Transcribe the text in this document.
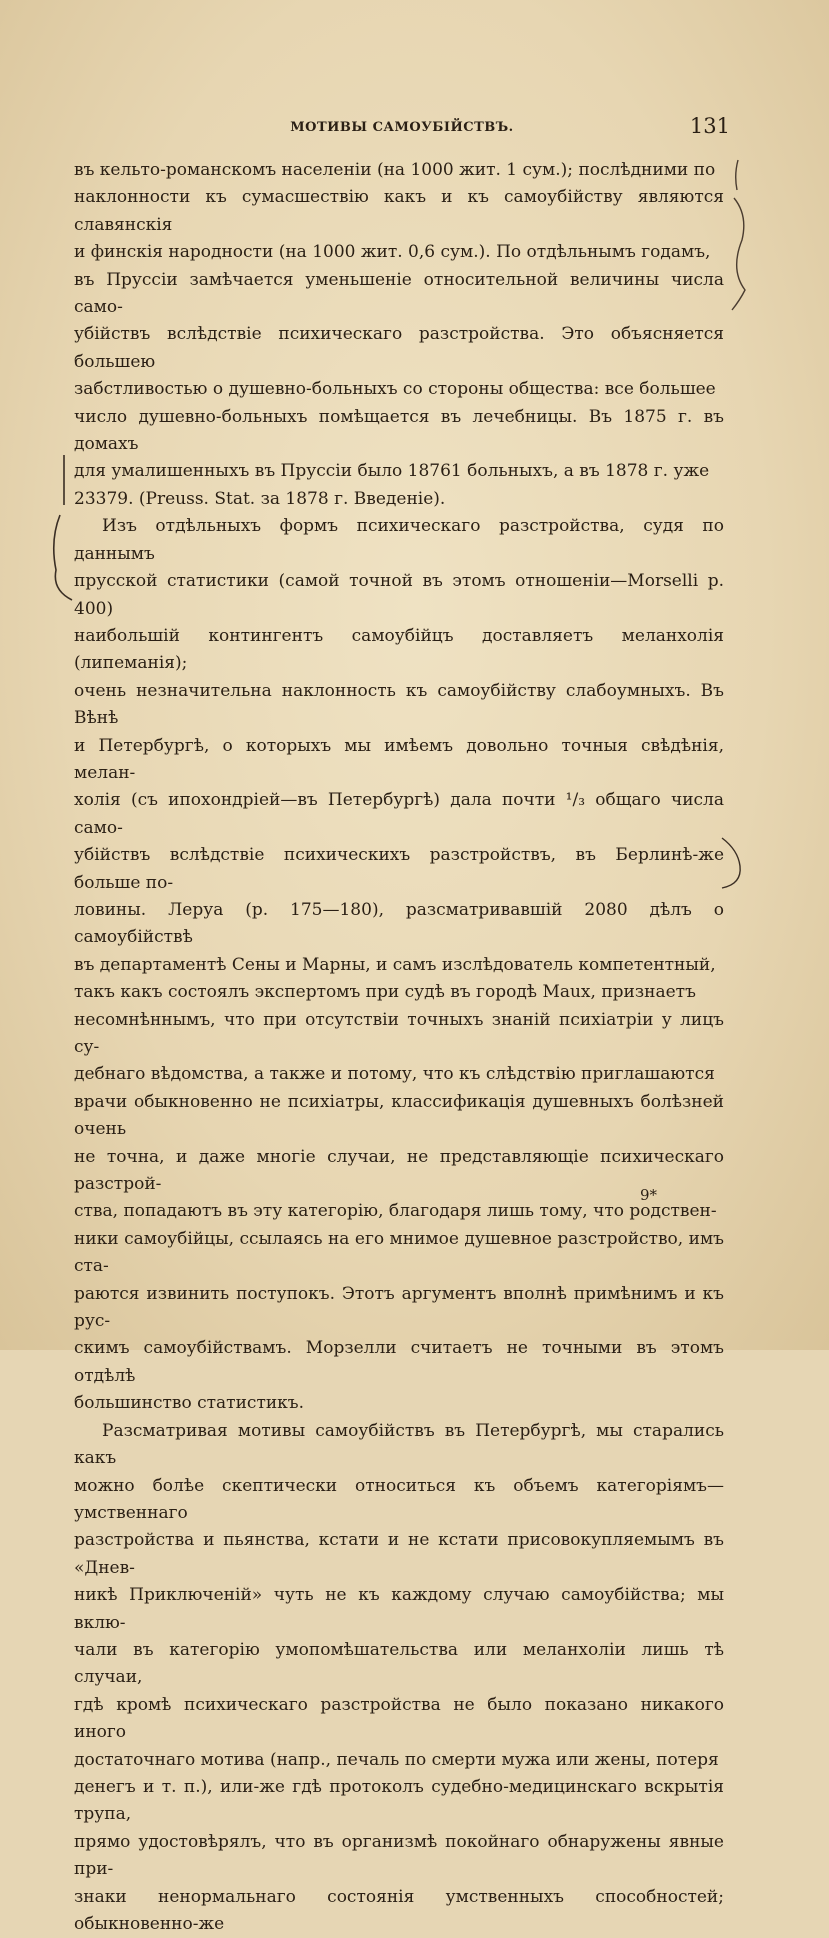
МОТИВЫ САМОУБІЙСТВЪ.	131
въ кельто-романскомъ населеніи (на 1000 жит. 1 сум.); послѣдними по
наклонности къ сумасшествію какъ и къ самоубійству являются славянскія
и финскія народности (на 1000 жит. 0,6 сум.). По отдѣльнымъ годамъ,
въ Пруссіи замѣчается уменьшеніе относительной величины числа само-
убійствъ вслѣдствіе психическаго разстройства. Это объясняется большею
забстливостью о душевно-больныхъ со стороны общества: все большее
число душевно-больныхъ помѣщается въ лечебницы. Въ 1875 г. въ домахъ
для умалишенныхъ въ Пруссіи было 18761 больныхъ, а въ 1878 г. уже
23379. (Preuss. Stat. за 1878 г. Введеніе).
Изъ отдѣльныхъ формъ психическаго разстройства, судя по даннымъ
прусской статистики (самой точной въ этомъ отношеніи—Morselli p. 400)
наибольшій контингентъ самоубійцъ доставляетъ меланхолія (липеманія);
очень незначительна наклонность къ самоубійству слабоумныхъ. Въ Вѣнѣ
и Петербургѣ, о которыхъ мы имѣемъ довольно точныя свѣдѣнія, мелан-
холія (съ ипохондріей—въ Петербургѣ) дала почти ¹/₃ общаго числа само-
убійствъ вслѣдствіе психическихъ разстройствъ, въ Берлинѣ-же больше по-
ловины. Леруа (p. 175—180), разсматривавшій 2080 дѣлъ о самоубійствѣ
въ департаментѣ Сены и Марны, и самъ изслѣдователь компетентный,
такъ какъ состоялъ экспертомъ при судѣ въ городѣ Maux, признаетъ
несомнѣннымъ, что при отсутствіи точныхъ знаній психіатріи у лицъ су-
дебнаго вѣдомства, а также и потому, что къ слѣдствію приглашаются
врачи обыкновенно не психіатры, классификація душевныхъ болѣзней очень
не точна, и даже многіе случаи, не представляющіе психическаго разстрой-
ства, попадаютъ въ эту категорію, благодаря лишь тому, что родствен-
ники самоубійцы, ссылаясь на его мнимое душевное разстройство, имъ ста-
раются извинить поступокъ. Этотъ аргументъ вполнѣ примѣнимъ и къ рус-
скимъ самоубійствамъ. Морзелли считаетъ не точными въ этомъ отдѣлѣ
большинство статистикъ.
Разсматривая мотивы самоубійствъ въ Петербургѣ, мы старались какъ
можно болѣе скептически относиться къ объемъ категоріямъ—умственнаго
разстройства и пьянства, кстати и не кстати присовокупляемымъ въ «Днев-
никѣ Приключеній» чуть не къ каждому случаю самоубійства; мы вклю-
чали въ категорію умопомѣшательства или меланхоліи лишь тѣ случаи,
гдѣ кромѣ психическаго разстройства не было показано никакого иного
достаточнаго мотива (напр., печаль по смерти мужа или жены, потеря
денегъ и т. п.), или-же гдѣ протоколъ судебно-медицинскаго вскрытія трупа,
прямо удостовѣрялъ, что въ организмѣ покойнаго обнаружены явные при-
знаки ненормальнаго состоянія умственныхъ способностей; обыкновенно-же
9*
